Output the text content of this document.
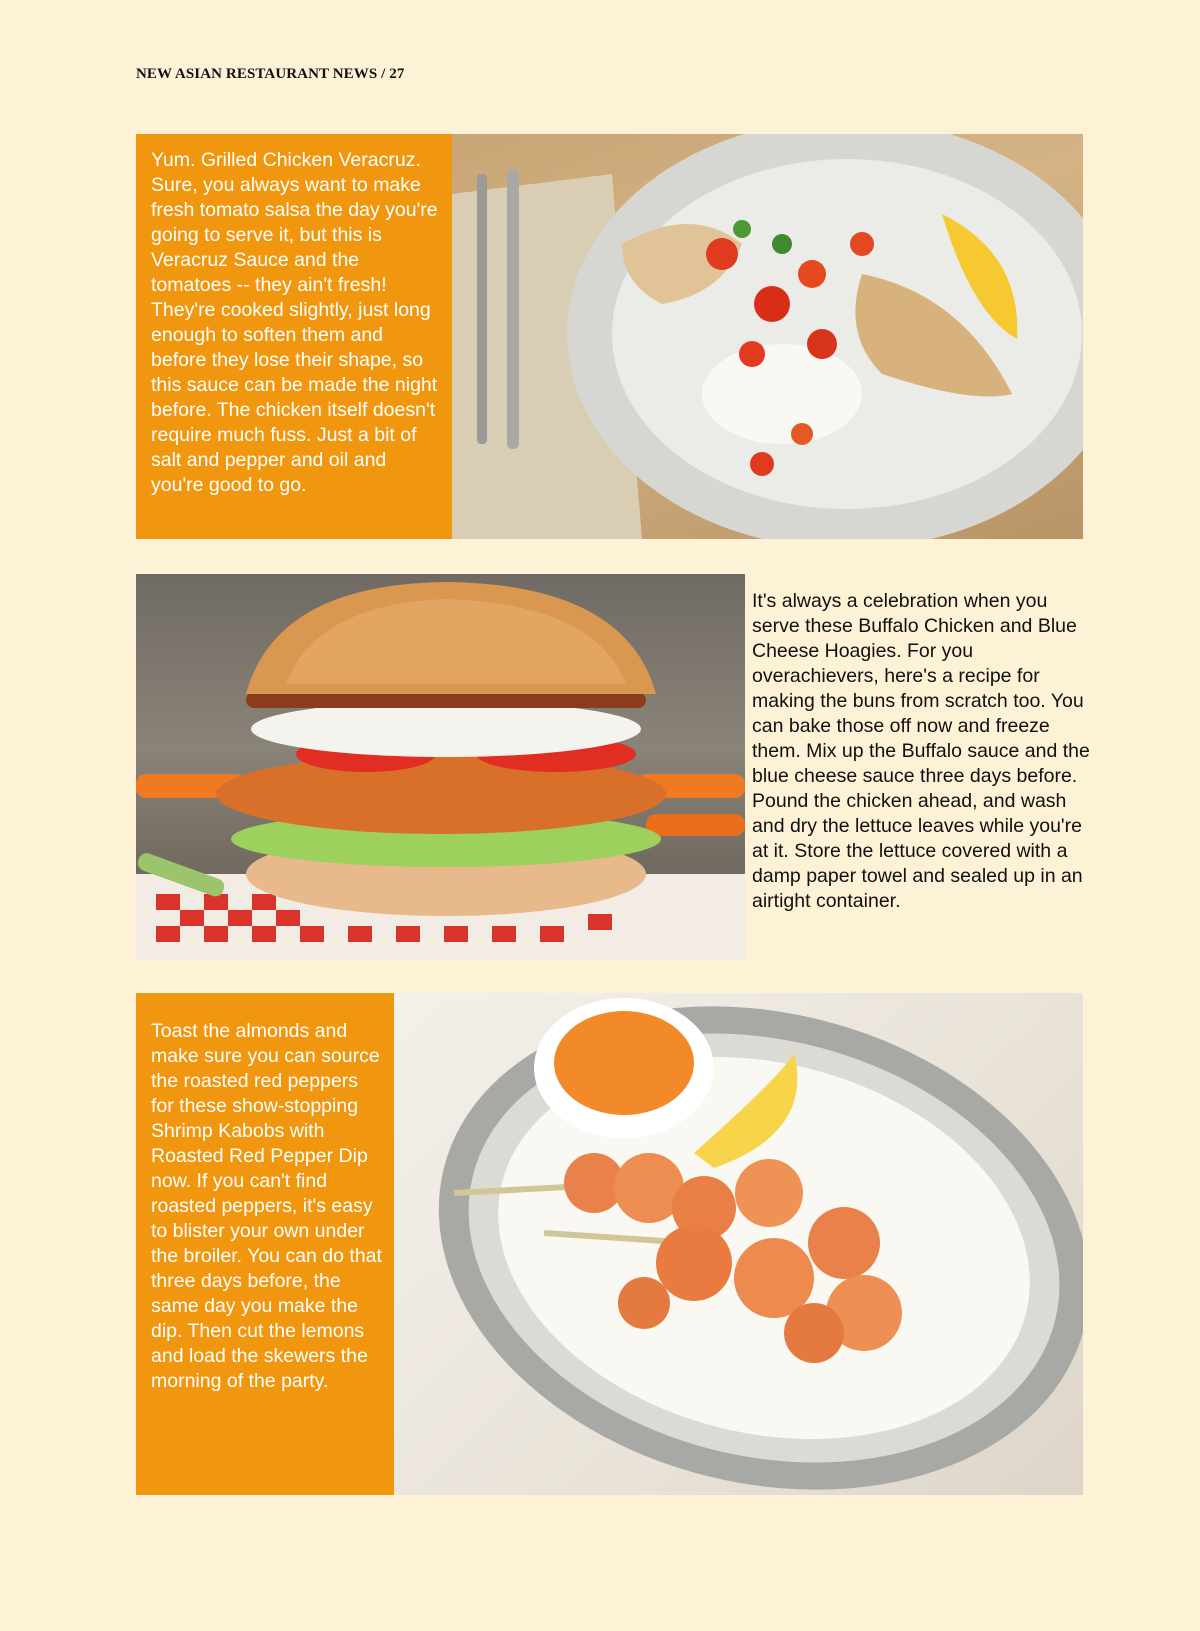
NEW ASIAN RESTAURANT NEWS / 27
Yum. Grilled Chicken Veracruz. Sure, you always want to make fresh tomato salsa the day you're going to serve it, but this is Veracruz Sauce and the tomatoes -- they ain't fresh! They're cooked slightly, just long enough to soften them and before they lose their shape, so this sauce can be made the night before. The chicken itself doesn't require much fuss. Just a bit of salt and pepper and oil and you're good to go.
It's always a celebration when you serve these Buffalo Chicken and Blue Cheese Hoagies. For you overachievers, here's a recipe for making the buns from scratch too. You can bake those off now and freeze them. Mix up the Buffalo sauce and the blue cheese sauce three days before. Pound the chicken ahead, and wash and dry the lettuce leaves while you're at it. Store the lettuce covered with a damp paper towel and sealed up in an airtight container.
Toast the almonds and make sure you can source the roasted red peppers for these show-stopping Shrimp Kabobs with Roasted Red Pepper Dip now. If you can't find roasted peppers, it's easy to blister your own under the broiler. You can do that three days before, the same day you make the dip. Then cut the lemons and load the skewers the morning of the party.
